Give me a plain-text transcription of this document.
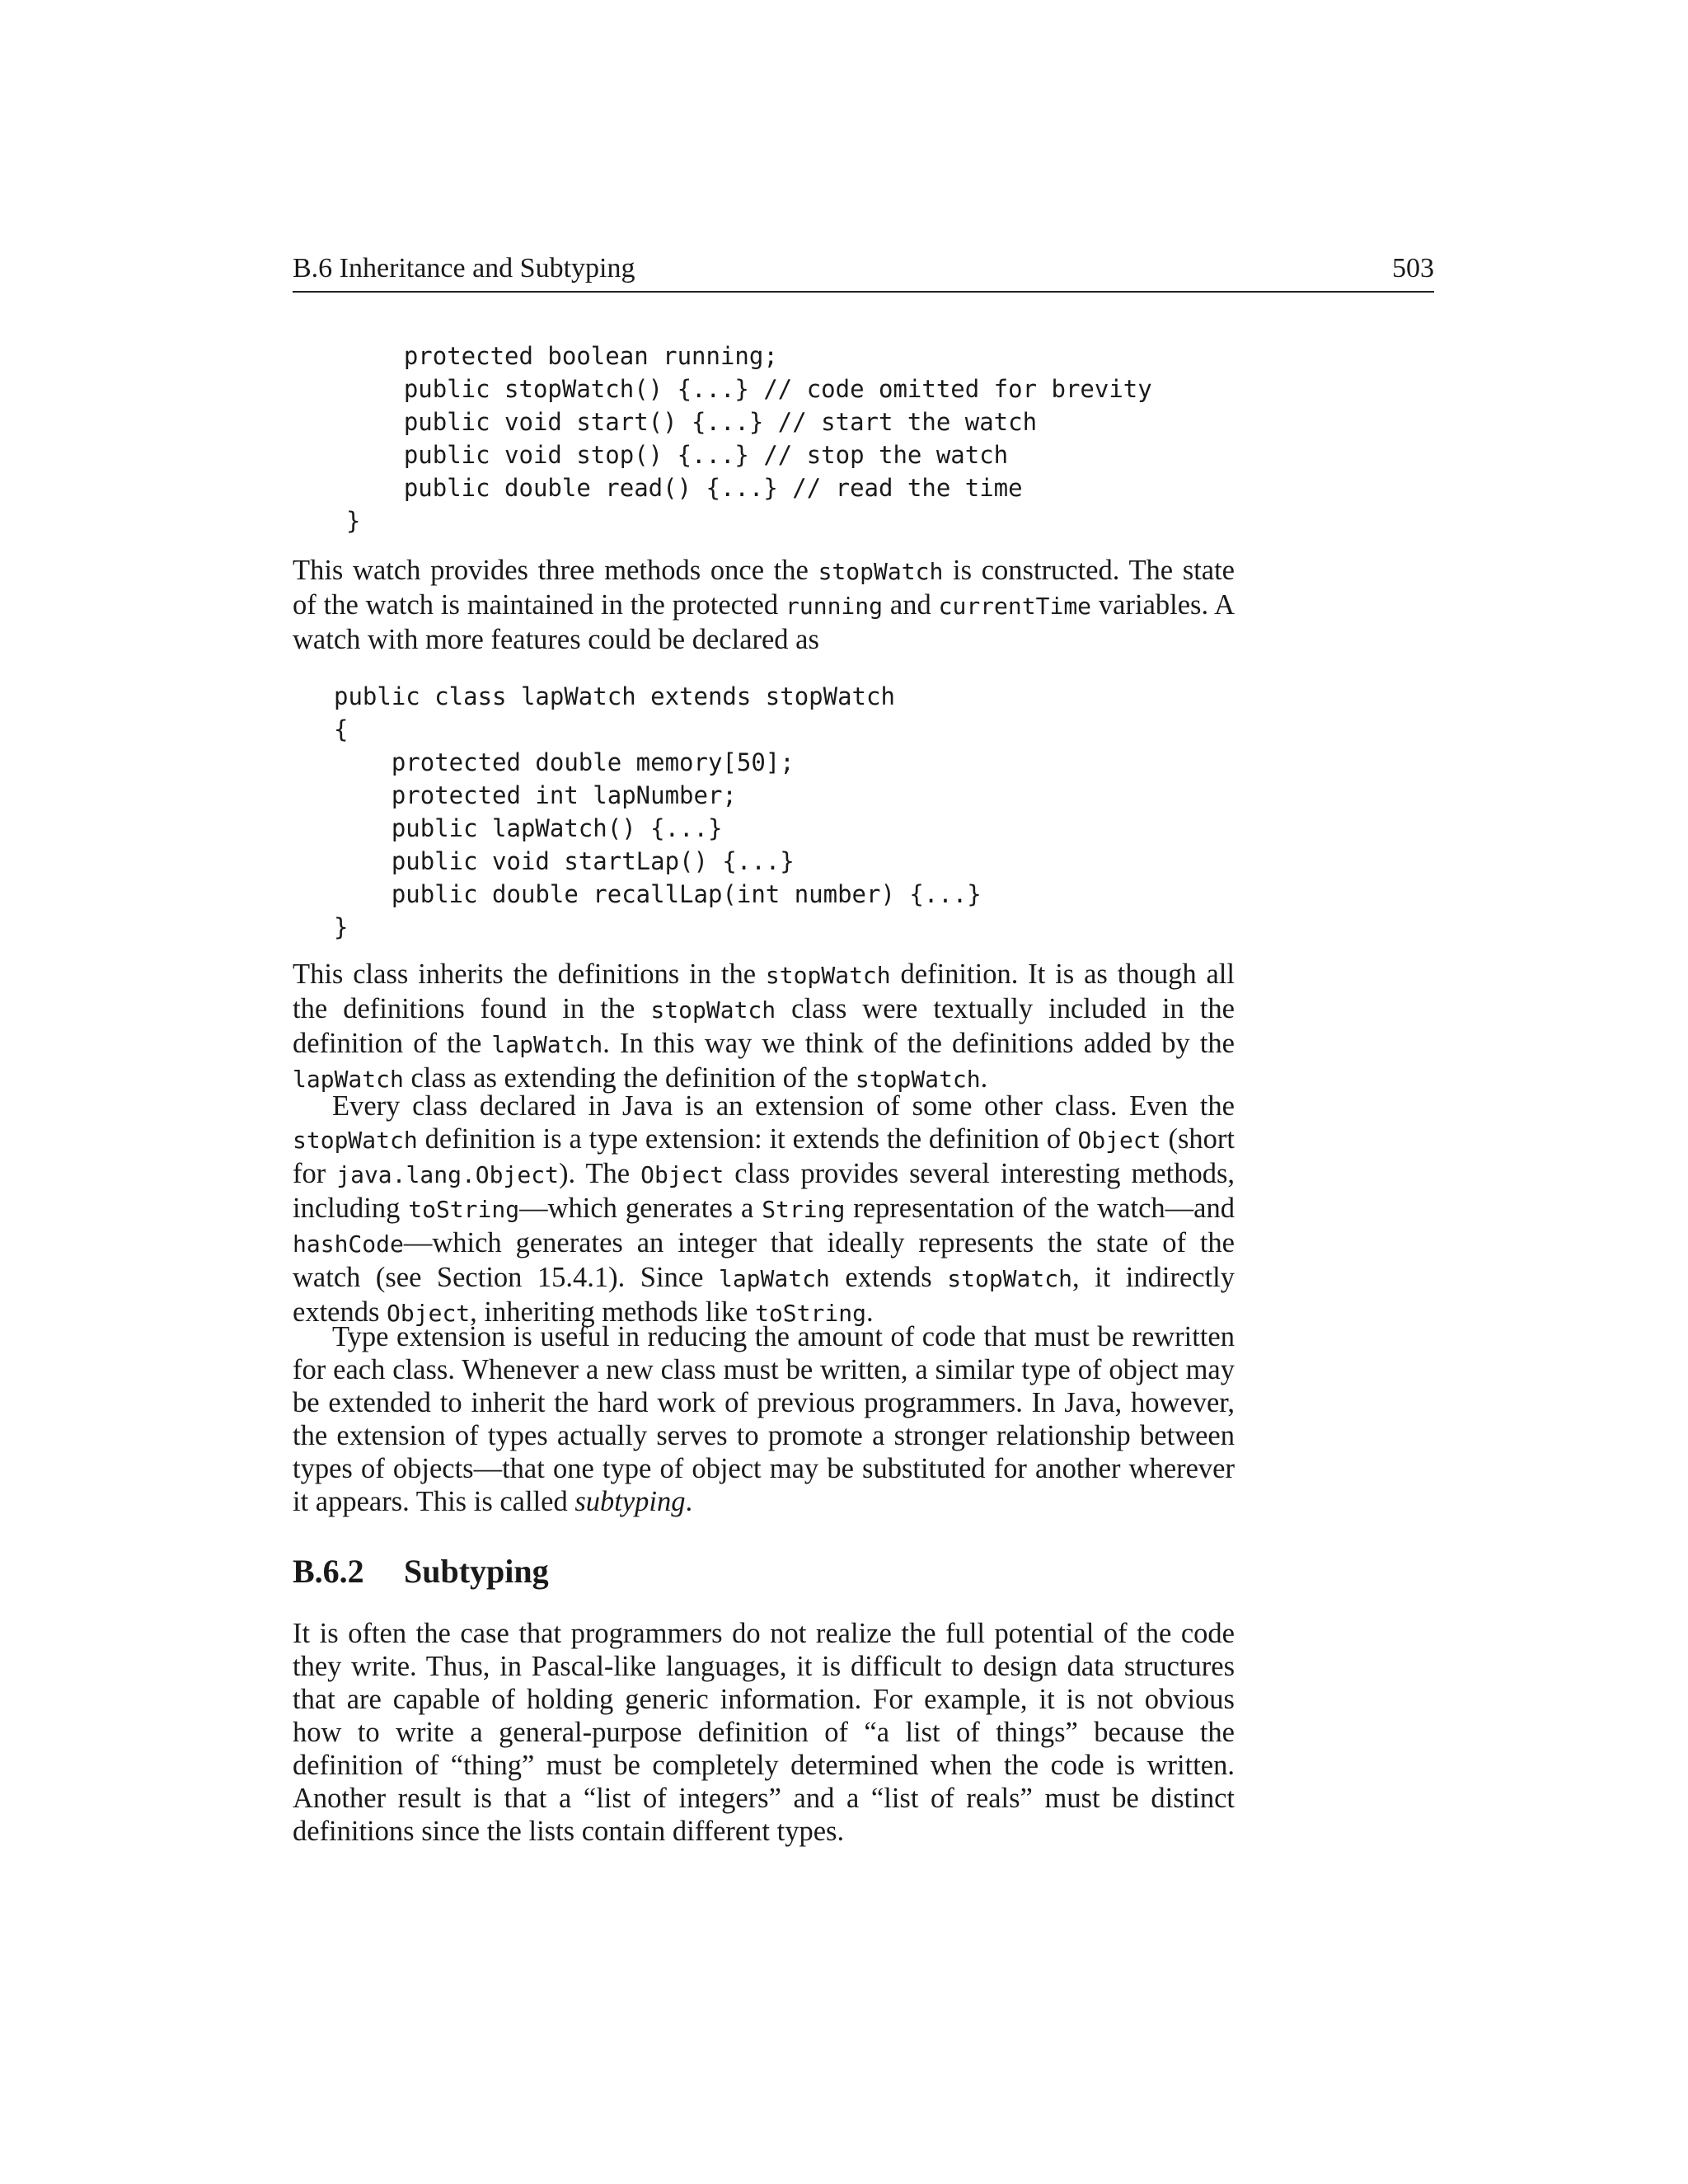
B.6 Inheritance and Subtyping	503
protected boolean running;
public stopWatch() {...} // code omitted for brevity
public void start() {...} // start the watch
public void stop() {...} // stop the watch
public double read() {...} // read the time
}

This watch provides three methods once the stopWatch is constructed. The state of the watch is maintained in the protected running and currentTime variables. A watch with more features could be declared as

public class lapWatch extends stopWatch
{
protected double memory[50];
protected int lapNumber;
public lapWatch() {...}
public void startLap() {...}
public double recallLap(int number) {...}
}

This class inherits the definitions in the stopWatch definition. It is as though all the definitions found in the stopWatch class were textually included in the definition of the lapWatch. In this way we think of the definitions added by the lapWatch class as extending the definition of the stopWatch.

Every class declared in Java is an extension of some other class. Even the stopWatch definition is a type extension: it extends the definition of Object (short for java.lang.Object). The Object class provides several interesting methods, including toString—which generates a String representation of the watch—and hashCode—which generates an integer that ideally represents the state of the watch (see Section 15.4.1). Since lapWatch extends stopWatch, it indirectly extends Object, inheriting methods like toString.

Type extension is useful in reducing the amount of code that must be rewritten for each class. Whenever a new class must be written, a similar type of object may be extended to inherit the hard work of previous programmers. In Java, however, the extension of types actually serves to promote a stronger relationship between types of objects—that one type of object may be substituted for another wherever it appears. This is called subtyping.

B.6.2 Subtyping

It is often the case that programmers do not realize the full potential of the code they write. Thus, in Pascal-like languages, it is difficult to design data structures that are capable of holding generic information. For example, it is not obvious how to write a general-purpose definition of “a list of things” because the definition of “thing” must be completely determined when the code is written. Another result is that a “list of integers” and a “list of reals” must be distinct definitions since the lists contain different types.
